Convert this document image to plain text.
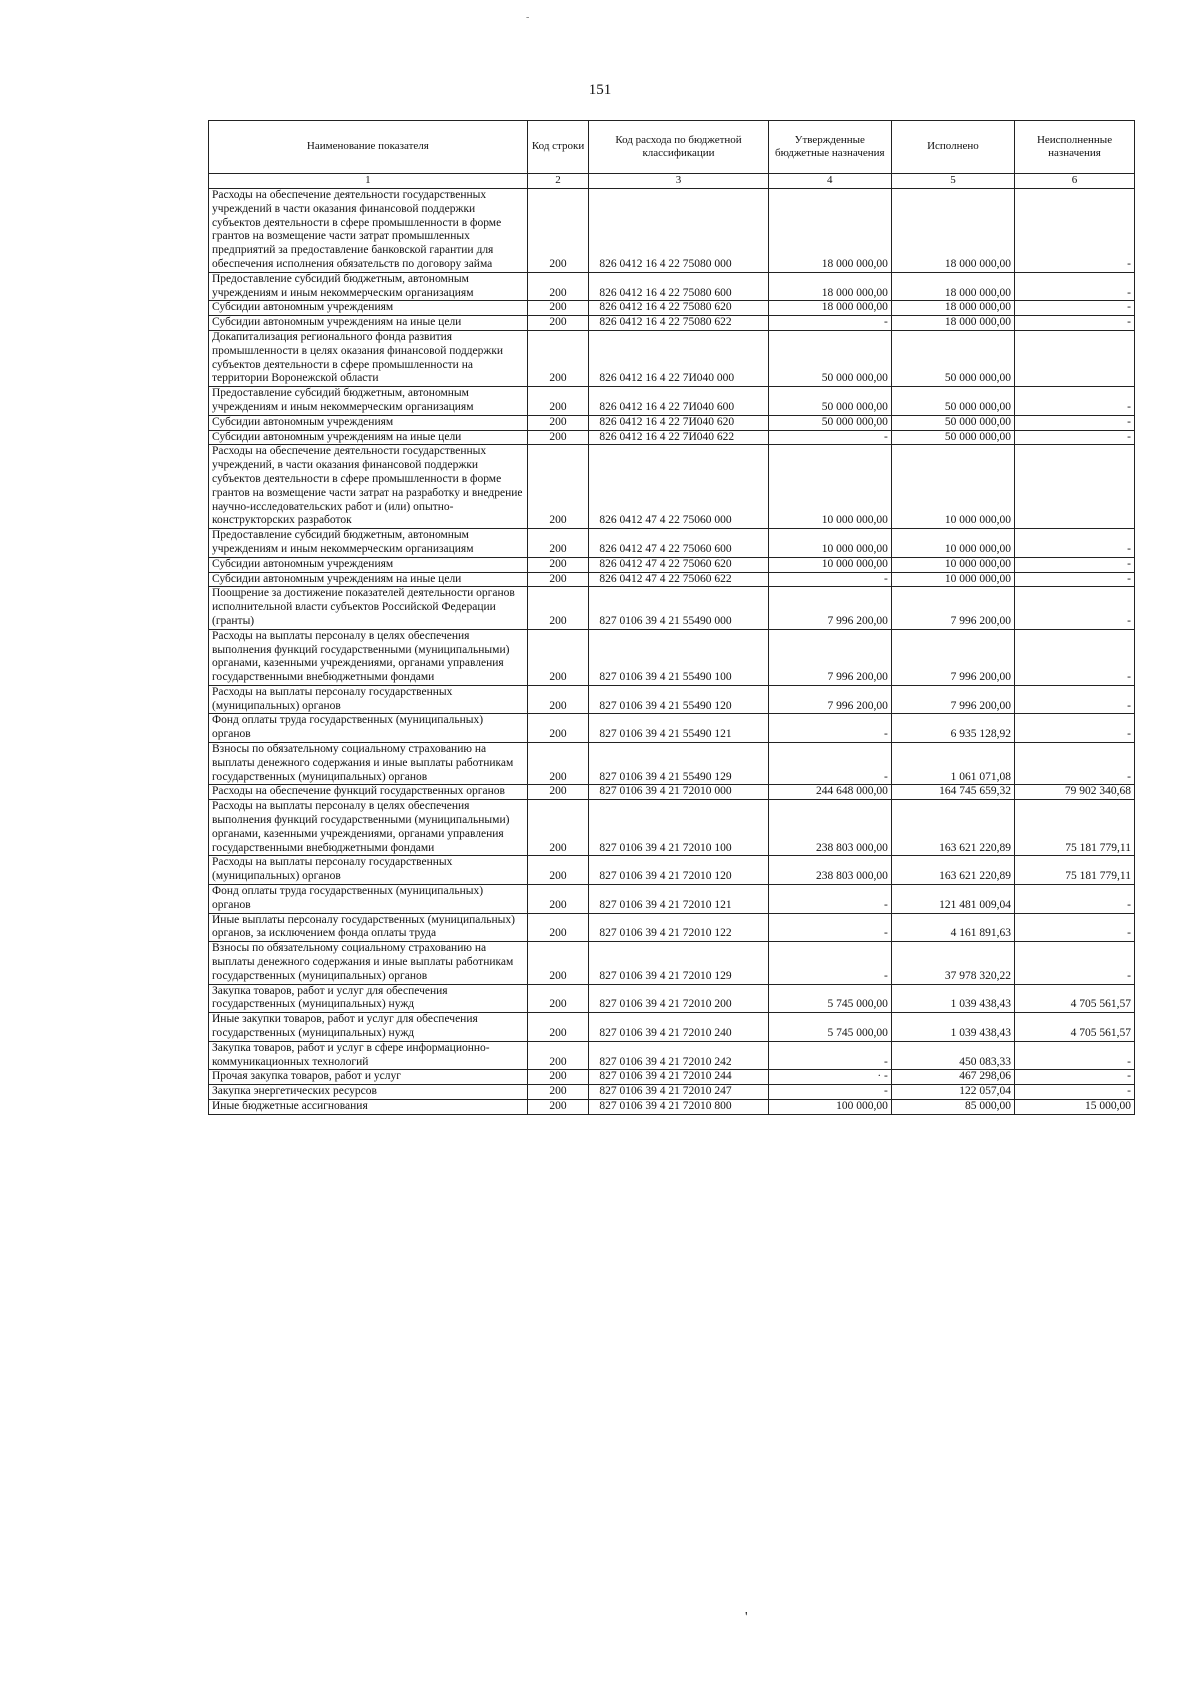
-
151
Наименование показателя	Код строки	Код расхода по бюджетной классификации	Утвержденные бюджетные назначения	Исполнено	Неисполненные назначения
1	2	3	4	5	6
Расходы на обеспечение деятельности государственных учреждений в части оказания финансовой поддержки субъектов деятельности в сфере промышленности в форме грантов на возмещение части затрат промышленных предприятий за предоставление банковской гарантии для обеспечения исполнения обязательств по договору займа	200	826 0412 16 4 22 75080 000	18 000 000,00	18 000 000,00	-
Предоставление субсидий бюджетным, автономным учреждениям и иным некоммерческим организациям	200	826 0412 16 4 22 75080 600	18 000 000,00	18 000 000,00	-
Субсидии автономным учреждениям	200	826 0412 16 4 22 75080 620	18 000 000,00	18 000 000,00	-
Субсидии автономным учреждениям на иные цели	200	826 0412 16 4 22 75080 622	-	18 000 000,00	-
Докапитализация регионального фонда развития промышленности в целях оказания финансовой поддержки субъектов деятельности в сфере промышленности на территории Воронежской области	200	826 0412 16 4 22 7И040 000	50 000 000,00	50 000 000,00	
Предоставление субсидий бюджетным, автономным учреждениям и иным некоммерческим организациям	200	826 0412 16 4 22 7И040 600	50 000 000,00	50 000 000,00	-
Субсидии автономным учреждениям	200	826 0412 16 4 22 7И040 620	50 000 000,00	50 000 000,00	-
Субсидии автономным учреждениям на иные цели	200	826 0412 16 4 22 7И040 622	-	50 000 000,00	-
Расходы на обеспечение деятельности государственных учреждений, в части оказания финансовой поддержки субъектов деятельности в сфере промышленности в форме грантов на возмещение части затрат на разработку и внедрение научно-исследовательских работ и (или) опытно-конструкторских разработок	200	826 0412 47 4 22 75060 000	10 000 000,00	10 000 000,00	
Предоставление субсидий бюджетным, автономным учреждениям и иным некоммерческим организациям	200	826 0412 47 4 22 75060 600	10 000 000,00	10 000 000,00	-
Субсидии автономным учреждениям	200	826 0412 47 4 22 75060 620	10 000 000,00	10 000 000,00	-
Субсидии автономным учреждениям на иные цели	200	826 0412 47 4 22 75060 622	-	10 000 000,00	-
Поощрение за достижение показателей деятельности органов исполнительной власти субъектов Российской Федерации (гранты)	200	827 0106 39 4 21 55490 000	7 996 200,00	7 996 200,00	-
Расходы на выплаты персоналу в целях обеспечения выполнения функций государственными (муниципальными) органами, казенными учреждениями, органами управления государственными внебюджетными фондами	200	827 0106 39 4 21 55490 100	7 996 200,00	7 996 200,00	-
Расходы на выплаты персоналу государственных (муниципальных) органов	200	827 0106 39 4 21 55490 120	7 996 200,00	7 996 200,00	-
Фонд оплаты труда государственных (муниципальных) органов	200	827 0106 39 4 21 55490 121	-	6 935 128,92	-
Взносы по обязательному социальному страхованию на выплаты денежного содержания и иные выплаты работникам государственных (муниципальных) органов	200	827 0106 39 4 21 55490 129	-	1 061 071,08	-
Расходы на обеспечение функций государственных органов	200	827 0106 39 4 21 72010 000	244 648 000,00	164 745 659,32	79 902 340,68
Расходы на выплаты персоналу в целях обеспечения выполнения функций государственными (муниципальными) органами, казенными учреждениями, органами управления государственными внебюджетными фондами	200	827 0106 39 4 21 72010 100	238 803 000,00	163 621 220,89	75 181 779,11
Расходы на выплаты персоналу государственных (муниципальных) органов	200	827 0106 39 4 21 72010 120	238 803 000,00	163 621 220,89	75 181 779,11
Фонд оплаты труда государственных (муниципальных) органов	200	827 0106 39 4 21 72010 121	-	121 481 009,04	-
Иные выплаты персоналу государственных (муниципальных) органов, за исключением фонда оплаты труда	200	827 0106 39 4 21 72010 122	-	4 161 891,63	-
Взносы по обязательному социальному страхованию на выплаты денежного содержания и иные выплаты работникам государственных (муниципальных) органов	200	827 0106 39 4 21 72010 129	-	37 978 320,22	-
Закупка товаров, работ и услуг для обеспечения государственных (муниципальных) нужд	200	827 0106 39 4 21 72010 200	5 745 000,00	1 039 438,43	4 705 561,57
Иные закупки товаров, работ и услуг для обеспечения государственных (муниципальных) нужд	200	827 0106 39 4 21 72010 240	5 745 000,00	1 039 438,43	4 705 561,57
Закупка товаров, работ и услуг в сфере информационно-коммуникационных технологий	200	827 0106 39 4 21 72010 242	-	450 083,33	-
Прочая закупка товаров, работ и услуг	200	827 0106 39 4 21 72010 244	· -	467 298,06	-
Закупка энергетических ресурсов	200	827 0106 39 4 21 72010 247	-	122 057,04	-
Иные бюджетные ассигнования	200	827 0106 39 4 21 72010 800	100 000,00	85 000,00	15 000,00
'
